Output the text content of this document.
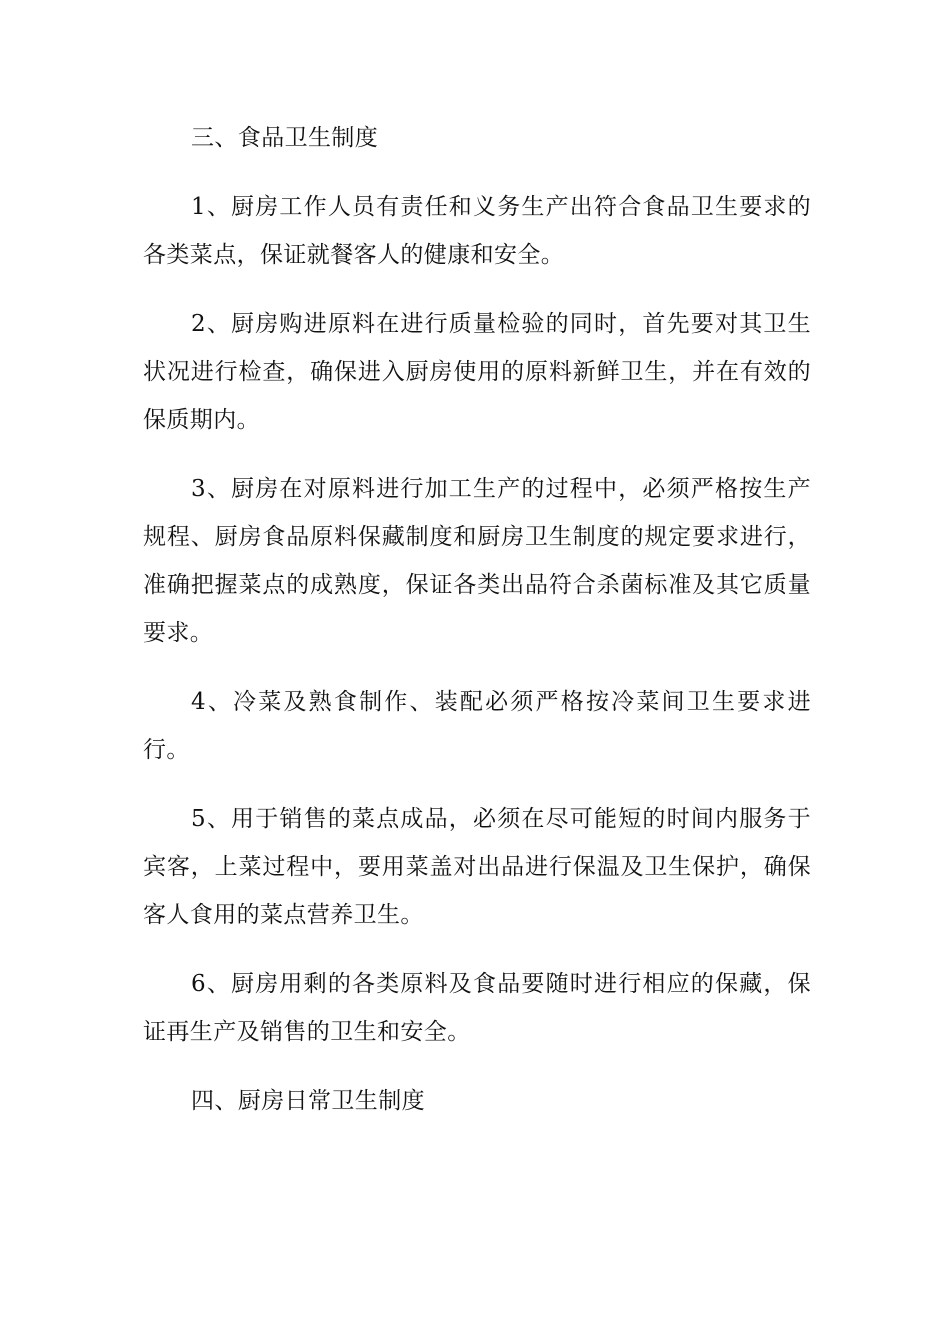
三、食品卫生制度

1、厨房工作人员有责任和义务生产出符合食品卫生要求的各类菜点，保证就餐客人的健康和安全。

2、厨房购进原料在进行质量检验的同时，首先要对其卫生状况进行检查，确保进入厨房使用的原料新鲜卫生，并在有效的保质期内。

3、厨房在对原料进行加工生产的过程中，必须严格按生产规程、厨房食品原料保藏制度和厨房卫生制度的规定要求进行，准确把握菜点的成熟度，保证各类出品符合杀菌标准及其它质量要求。

4、冷菜及熟食制作、装配必须严格按冷菜间卫生要求进行。

5、用于销售的菜点成品，必须在尽可能短的时间内服务于宾客，上菜过程中，要用菜盖对出品进行保温及卫生保护，确保客人食用的菜点营养卫生。

6、厨房用剩的各类原料及食品要随时进行相应的保藏，保证再生产及销售的卫生和安全。

四、厨房日常卫生制度
